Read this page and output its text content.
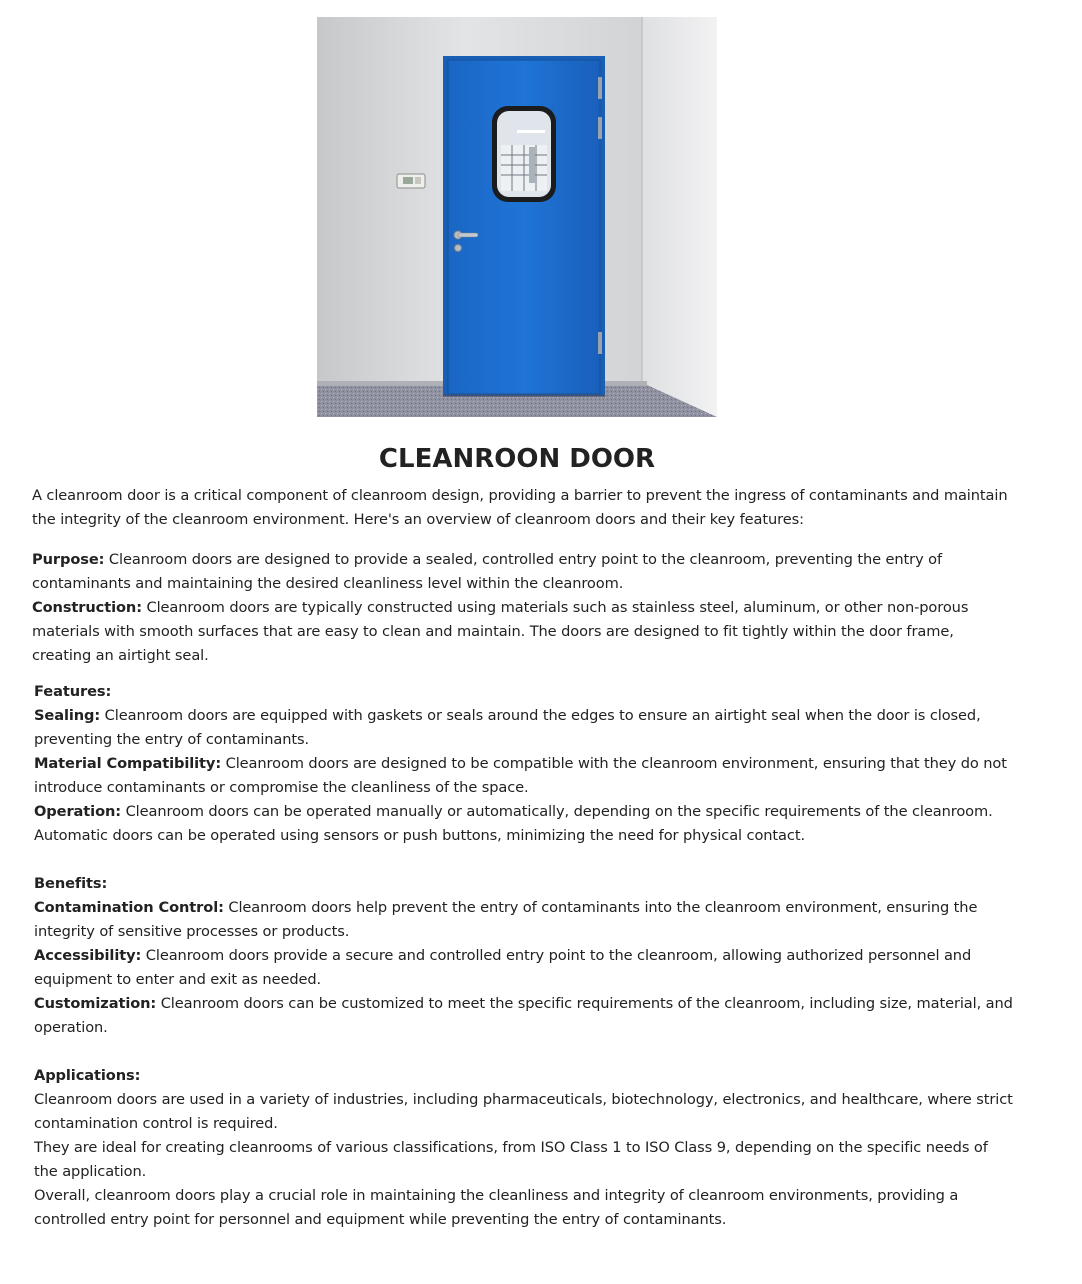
CLEANROON DOOR

A cleanroom door is a critical component of cleanroom design, providing a barrier to prevent the ingress of contaminants and maintain the integrity of the cleanroom environment. Here's an overview of cleanroom doors and their key features:

Purpose: Cleanroom doors are designed to provide a sealed, controlled entry point to the cleanroom, preventing the entry of contaminants and maintaining the desired cleanliness level within the cleanroom.

Construction: Cleanroom doors are typically constructed using materials such as stainless steel, aluminum, or other non-porous materials with smooth surfaces that are easy to clean and maintain. The doors are designed to fit tightly within the door frame, creating an airtight seal.

Features:

Sealing: Cleanroom doors are equipped with gaskets or seals around the edges to ensure an airtight seal when the door is closed, preventing the entry of contaminants.

Material Compatibility: Cleanroom doors are designed to be compatible with the cleanroom environment, ensuring that they do not introduce contaminants or compromise the cleanliness of the space.

Operation: Cleanroom doors can be operated manually or automatically, depending on the specific requirements of the cleanroom. Automatic doors can be operated using sensors or push buttons, minimizing the need for physical contact.

Benefits:

Contamination Control: Cleanroom doors help prevent the entry of contaminants into the cleanroom environment, ensuring the integrity of sensitive processes or products.

Accessibility: Cleanroom doors provide a secure and controlled entry point to the cleanroom, allowing authorized personnel and equipment to enter and exit as needed.

Customization: Cleanroom doors can be customized to meet the specific requirements of the cleanroom, including size, material, and operation.

Applications:

Cleanroom doors are used in a variety of industries, including pharmaceuticals, biotechnology, electronics, and healthcare, where strict contamination control is required.

They are ideal for creating cleanrooms of various classifications, from ISO Class 1 to ISO Class 9, depending on the specific needs of the application.

Overall, cleanroom doors play a crucial role in maintaining the cleanliness and integrity of cleanroom environments, providing a controlled entry point for personnel and equipment while preventing the entry of contaminants.
